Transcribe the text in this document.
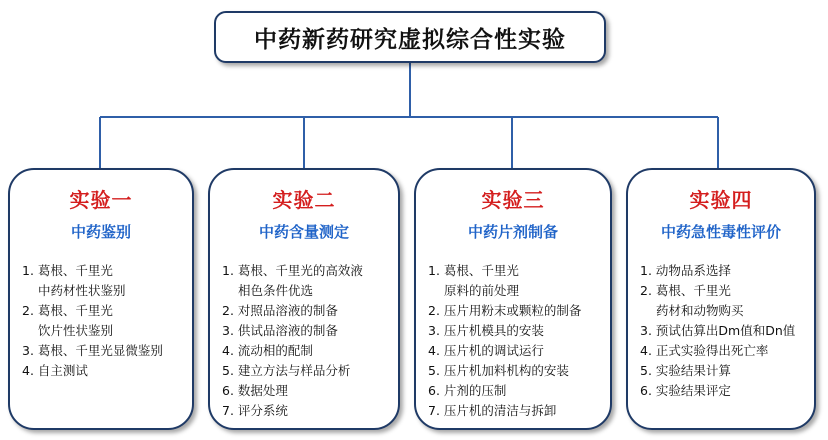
中药新药研究虚拟综合性实验
实验一
中药鉴别
1. 葛根、千里光
中药材性状鉴别
2. 葛根、千里光
饮片性状鉴别
3. 葛根、千里光显微鉴别
4. 自主测试
实验二
中药含量测定
1. 葛根、千里光的高效液
相色条件优选
2. 对照品溶液的制备
3. 供试品溶液的制备
4. 流动相的配制
5. 建立方法与样品分析
6. 数据处理
7. 评分系统
实验三
中药片剂制备
1. 葛根、千里光
原料的前处理
2. 压片用粉末或颗粒的制备
3. 压片机模具的安装
4. 压片机的调试运行
5. 压片机加料机构的安装
6. 片剂的压制
7. 压片机的清洁与拆卸
实验四
中药急性毒性评价
1. 动物品系选择
2. 葛根、千里光
药材和动物购买
3. 预试估算出Dm值和Dn值
4. 正式实验得出死亡率
5. 实验结果计算
6. 实验结果评定
